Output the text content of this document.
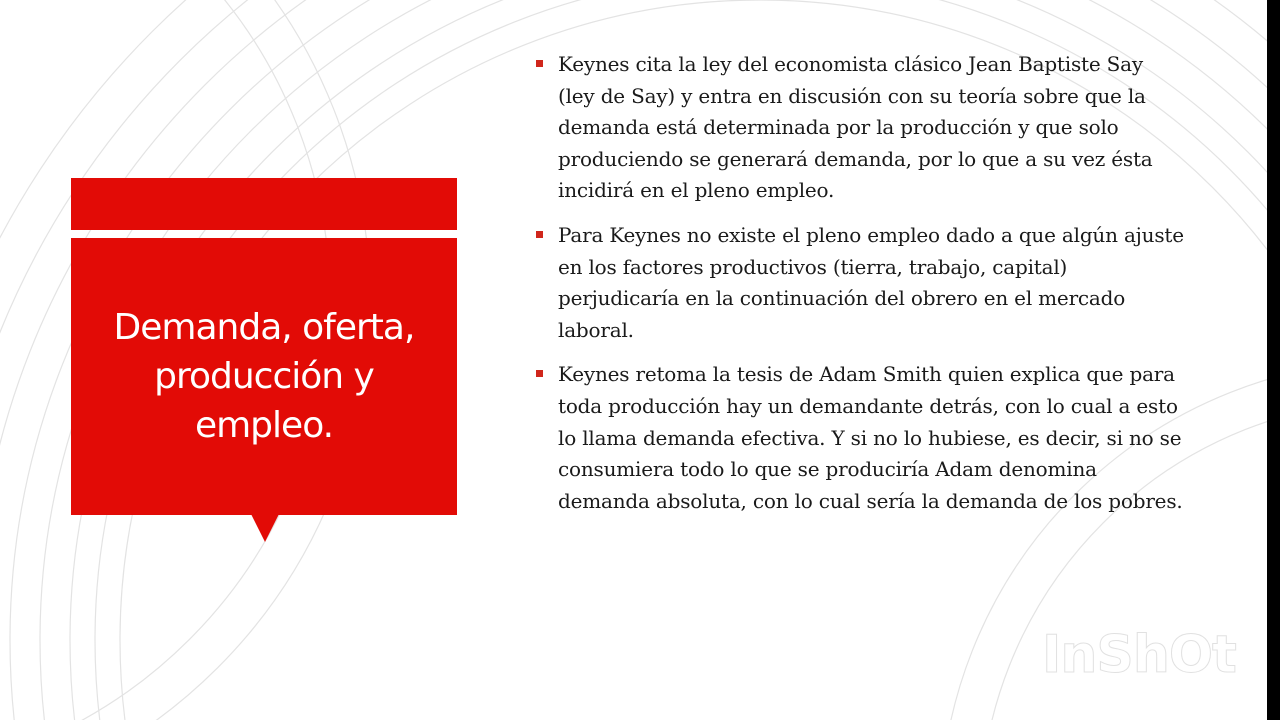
Demanda, oferta, producción y empleo.
Keynes cita la ley del economista clásico Jean Baptiste Say (ley de Say) y entra en discusión con su teoría sobre que la demanda está determinada por la producción y que solo produciendo se generará demanda, por lo que a su vez ésta incidirá en el pleno empleo.
Para Keynes no existe el pleno empleo dado a que algún ajuste en los factores productivos (tierra, trabajo, capital) perjudicaría en la continuación del obrero en el mercado laboral.
Keynes retoma la tesis de Adam Smith quien explica que para toda producción hay un demandante detrás, con lo cual a esto lo llama demanda efectiva. Y si no lo hubiese, es decir, si no se consumiera todo lo que se produciría Adam denomina demanda absoluta, con lo cual sería la demanda de los pobres.
InShOt
